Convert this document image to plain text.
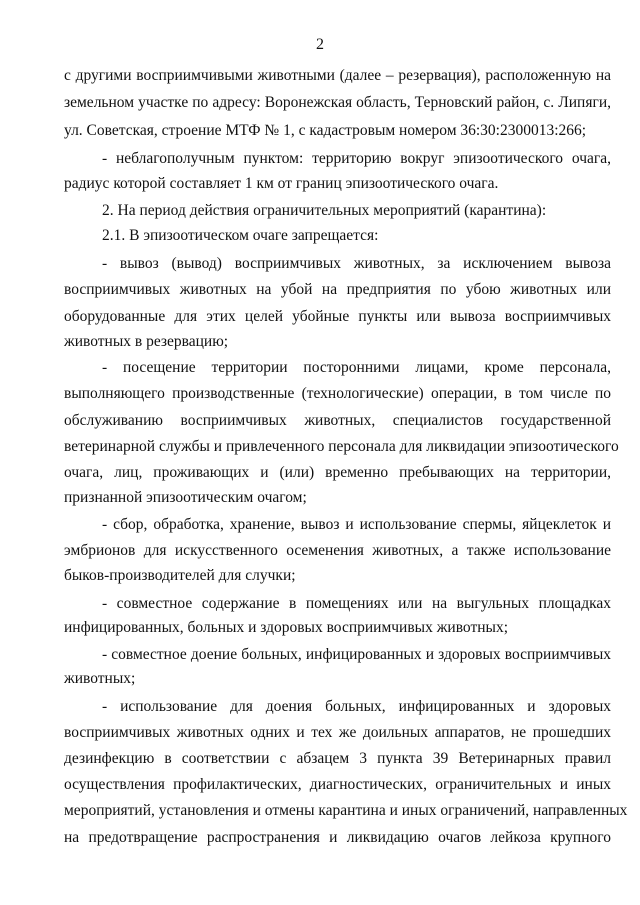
2
с другими восприимчивыми животными (далее – резервация), расположенную на
земельном участке по адресу: Воронежская область, Терновский район, с. Липяги,
ул. Советская, строение МТФ № 1, с кадастровым номером 36:30:2300013:266;
- неблагополучным пунктом: территорию вокруг эпизоотического очага,
радиус которой составляет 1 км от границ эпизоотического очага.
2. На период действия ограничительных мероприятий (карантина):
2.1. В эпизоотическом очаге запрещается:
- вывоз (вывод) восприимчивых животных, за исключением вывоза
восприимчивых животных на убой на предприятия по убою животных или
оборудованные для этих целей убойные пункты или вывоза восприимчивых
животных в резервацию;
- посещение территории посторонними лицами, кроме персонала,
выполняющего производственные (технологические) операции, в том числе по
обслуживанию восприимчивых животных, специалистов государственной
ветеринарной службы и привлеченного персонала для ликвидации эпизоотического
очага, лиц, проживающих и (или) временно пребывающих на территории,
признанной эпизоотическим очагом;
- сбор, обработка, хранение, вывоз и использование спермы, яйцеклеток и
эмбрионов для искусственного осеменения животных, а также использование
быков-производителей для случки;
- совместное содержание в помещениях или на выгульных площадках
инфицированных, больных и здоровых восприимчивых животных;
- совместное доение больных, инфицированных и здоровых восприимчивых
животных;
- использование для доения больных, инфицированных и здоровых
восприимчивых животных одних и тех же доильных аппаратов, не прошедших
дезинфекцию в соответствии с абзацем 3 пункта 39 Ветеринарных правил
осуществления профилактических, диагностических, ограничительных и иных
мероприятий, установления и отмены карантина и иных ограничений, направленных
на предотвращение распространения и ликвидацию очагов лейкоза крупного
